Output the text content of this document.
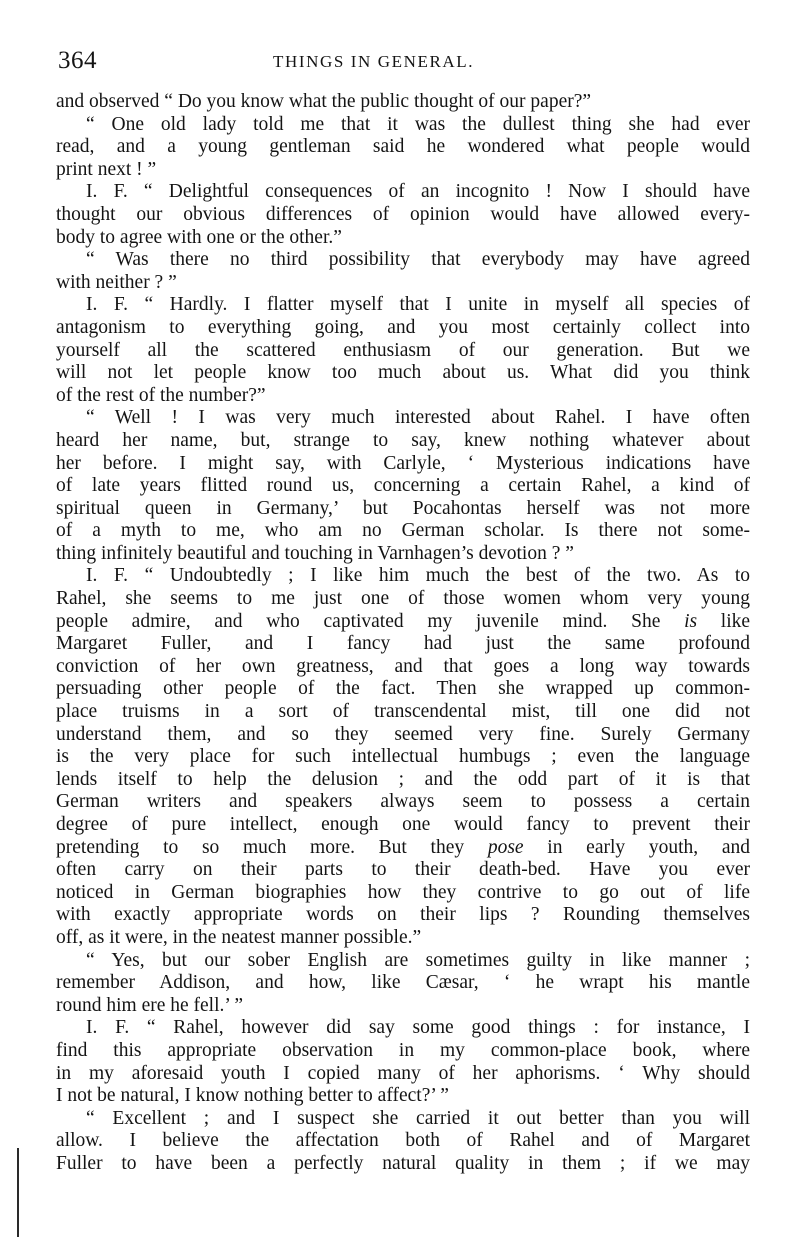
364	THINGS IN GENERAL.
and observed “ Do you know what the public thought of our paper?”
“ One old lady told me that it was the dullest thing she had ever
read, and a young gentleman said he wondered what people would
print next ! ”
I. F. “ Delightful consequences of an incognito ! Now I should have
thought our obvious differences of opinion would have allowed every-
body to agree with one or the other.”
“ Was there no third possibility that everybody may have agreed
with neither ? ”
I. F. “ Hardly. I flatter myself that I unite in myself all species of
antagonism to everything going, and you most certainly collect into
yourself all the scattered enthusiasm of our generation. But we
will not let people know too much about us. What did you think
of the rest of the number?”
“ Well ! I was very much interested about Rahel. I have often
heard her name, but, strange to say, knew nothing whatever about
her before. I might say, with Carlyle, ‘ Mysterious indications have
of late years flitted round us, concerning a certain Rahel, a kind of
spiritual queen in Germany,’ but Pocahontas herself was not more
of a myth to me, who am no German scholar. Is there not some-
thing infinitely beautiful and touching in Varnhagen’s devotion ? ”
I. F. “ Undoubtedly ; I like him much the best of the two. As to
Rahel, she seems to me just one of those women whom very young
people admire, and who captivated my juvenile mind. She is like
Margaret Fuller, and I fancy had just the same profound
conviction of her own greatness, and that goes a long way towards
persuading other people of the fact. Then she wrapped up common-
place truisms in a sort of transcendental mist, till one did not
understand them, and so they seemed very fine. Surely Germany
is the very place for such intellectual humbugs ; even the language
lends itself to help the delusion ; and the odd part of it is that
German writers and speakers always seem to possess a certain
degree of pure intellect, enough one would fancy to prevent their
pretending to so much more. But they pose in early youth, and
often carry on their parts to their death-bed. Have you ever
noticed in German biographies how they contrive to go out of life
with exactly appropriate words on their lips ? Rounding themselves
off, as it were, in the neatest manner possible.”
“ Yes, but our sober English are sometimes guilty in like manner ;
remember Addison, and how, like Cæsar, ‘ he wrapt his mantle
round him ere he fell.’ ”
I. F. “ Rahel, however did say some good things : for instance, I
find this appropriate observation in my common-place book, where
in my aforesaid youth I copied many of her aphorisms. ‘ Why should
I not be natural, I know nothing better to affect?’ ”
“ Excellent ; and I suspect she carried it out better than you will
allow. I believe the affectation both of Rahel and of Margaret
Fuller to have been a perfectly natural quality in them ; if we may
